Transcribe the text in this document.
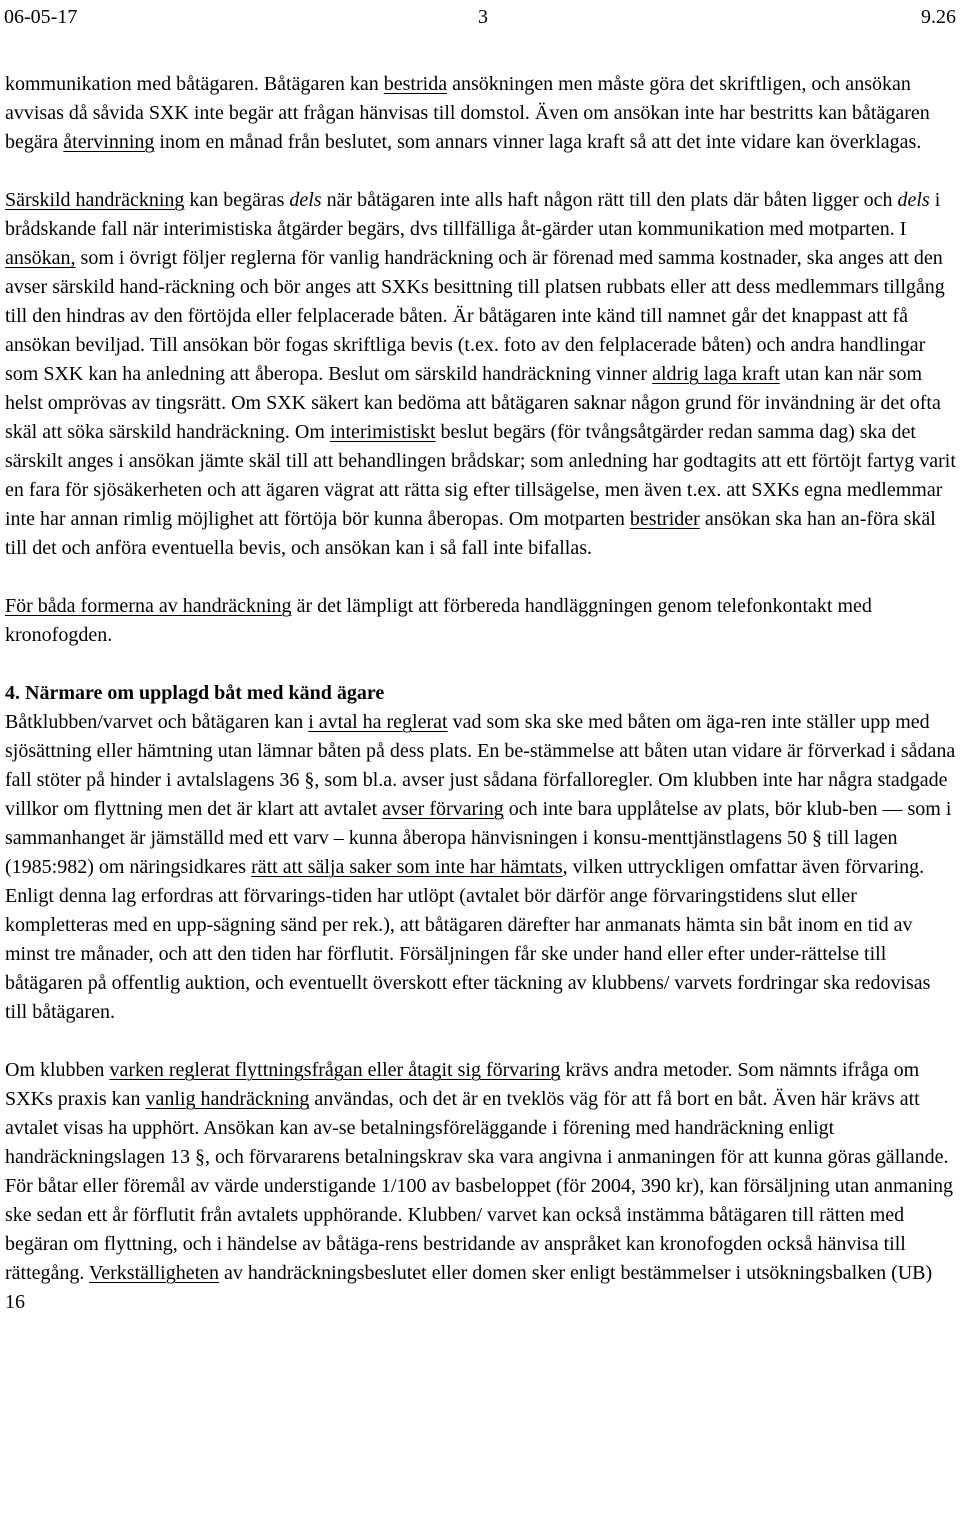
06-05-17	3	9.26

kommunikation med båtägaren. Båtägaren kan bestrida ansökningen men måste göra det skriftligen, och ansökan avvisas då såvida SXK inte begär att frågan hänvisas till domstol. Även om ansökan inte har bestritts kan båtägaren begära återvinning inom en månad från beslutet, som annars vinner laga kraft så att det inte vidare kan överklagas.

Särskild handräckning kan begäras dels när båtägaren inte alls haft någon rätt till den plats där båten ligger och dels i brådskande fall när interimistiska åtgärder begärs, dvs tillfälliga åt-gärder utan kommunikation med motparten. I ansökan, som i övrigt följer reglerna för vanlig handräckning och är förenad med samma kostnader, ska anges att den avser särskild hand-räckning och bör anges att SXKs besittning till platsen rubbats eller att dess medlemmars tillgång till den hindras av den förtöjda eller felplacerade båten. Är båtägaren inte känd till namnet går det knappast att få ansökan beviljad. Till ansökan bör fogas skriftliga bevis (t.ex. foto av den felplacerade båten) och andra handlingar som SXK kan ha anledning att åberopa. Beslut om särskild handräckning vinner aldrig laga kraft utan kan när som helst omprövas av tingsrätt. Om SXK säkert kan bedöma att båtägaren saknar någon grund för invändning är det ofta skäl att söka särskild handräckning. Om interimistiskt beslut begärs (för tvångsåtgärder redan samma dag) ska det särskilt anges i ansökan jämte skäl till att behandlingen brådskar; som anledning har godtagits att ett förtöjt fartyg varit en fara för sjösäkerheten och att ägaren vägrat att rätta sig efter tillsägelse, men även t.ex. att SXKs egna medlemmar inte har annan rimlig möjlighet att förtöja bör kunna åberopas. Om motparten bestrider ansökan ska han an-föra skäl till det och anföra eventuella bevis, och ansökan kan i så fall inte bifallas.

För båda formerna av handräckning är det lämpligt att förbereda handläggningen genom telefonkontakt med kronofogden.

4. Närmare om upplagd båt med känd ägare

Båtklubben/varvet och båtägaren kan i avtal ha reglerat vad som ska ske med båten om äga-ren inte ställer upp med sjösättning eller hämtning utan lämnar båten på dess plats. En be-stämmelse att båten utan vidare är förverkad i sådana fall stöter på hinder i avtalslagens 36 §, som bl.a. avser just sådana förfalloregler. Om klubben inte har några stadgade villkor om flyttning men det är klart att avtalet avser förvaring och inte bara upplåtelse av plats, bör klub-ben — som i sammanhanget är jämställd med ett varv – kunna åberopa hänvisningen i konsu-menttjänstlagens 50 § till lagen (1985:982) om näringsidkares rätt att sälja saker som inte har hämtats, vilken uttryckligen omfattar även förvaring. Enligt denna lag erfordras att förvarings-tiden har utlöpt (avtalet bör därför ange förvaringstidens slut eller kompletteras med en upp-sägning sänd per rek.), att båtägaren därefter har anmanats hämta sin båt inom en tid av minst tre månader, och att den tiden har förflutit. Försäljningen får ske under hand eller efter under-rättelse till båtägaren på offentlig auktion, och eventuellt överskott efter täckning av klubbens/ varvets fordringar ska redovisas till båtägaren.

Om klubben varken reglerat flyttningsfrågan eller åtagit sig förvaring krävs andra metoder. Som nämnts ifråga om SXKs praxis kan vanlig handräckning användas, och det är en tveklös väg för att få bort en båt. Även här krävs att avtalet visas ha upphört. Ansökan kan av-se betalningsföreläggande i förening med handräckning enligt handräckningslagen 13 §, och förvararens betalningskrav ska vara angivna i anmaningen för att kunna göras gällande. För båtar eller föremål av värde understigande 1/100 av basbeloppet (för 2004, 390 kr), kan försäljning utan anmaning ske sedan ett år förflutit från avtalets upphörande. Klubben/ varvet kan också instämma båtägaren till rätten med begäran om flyttning, och i händelse av båtäga-rens bestridande av anspråket kan kronofogden också hänvisa till rättegång. Verkställigheten av handräckningsbeslutet eller domen sker enligt bestämmelser i utsökningsbalken (UB) 16
